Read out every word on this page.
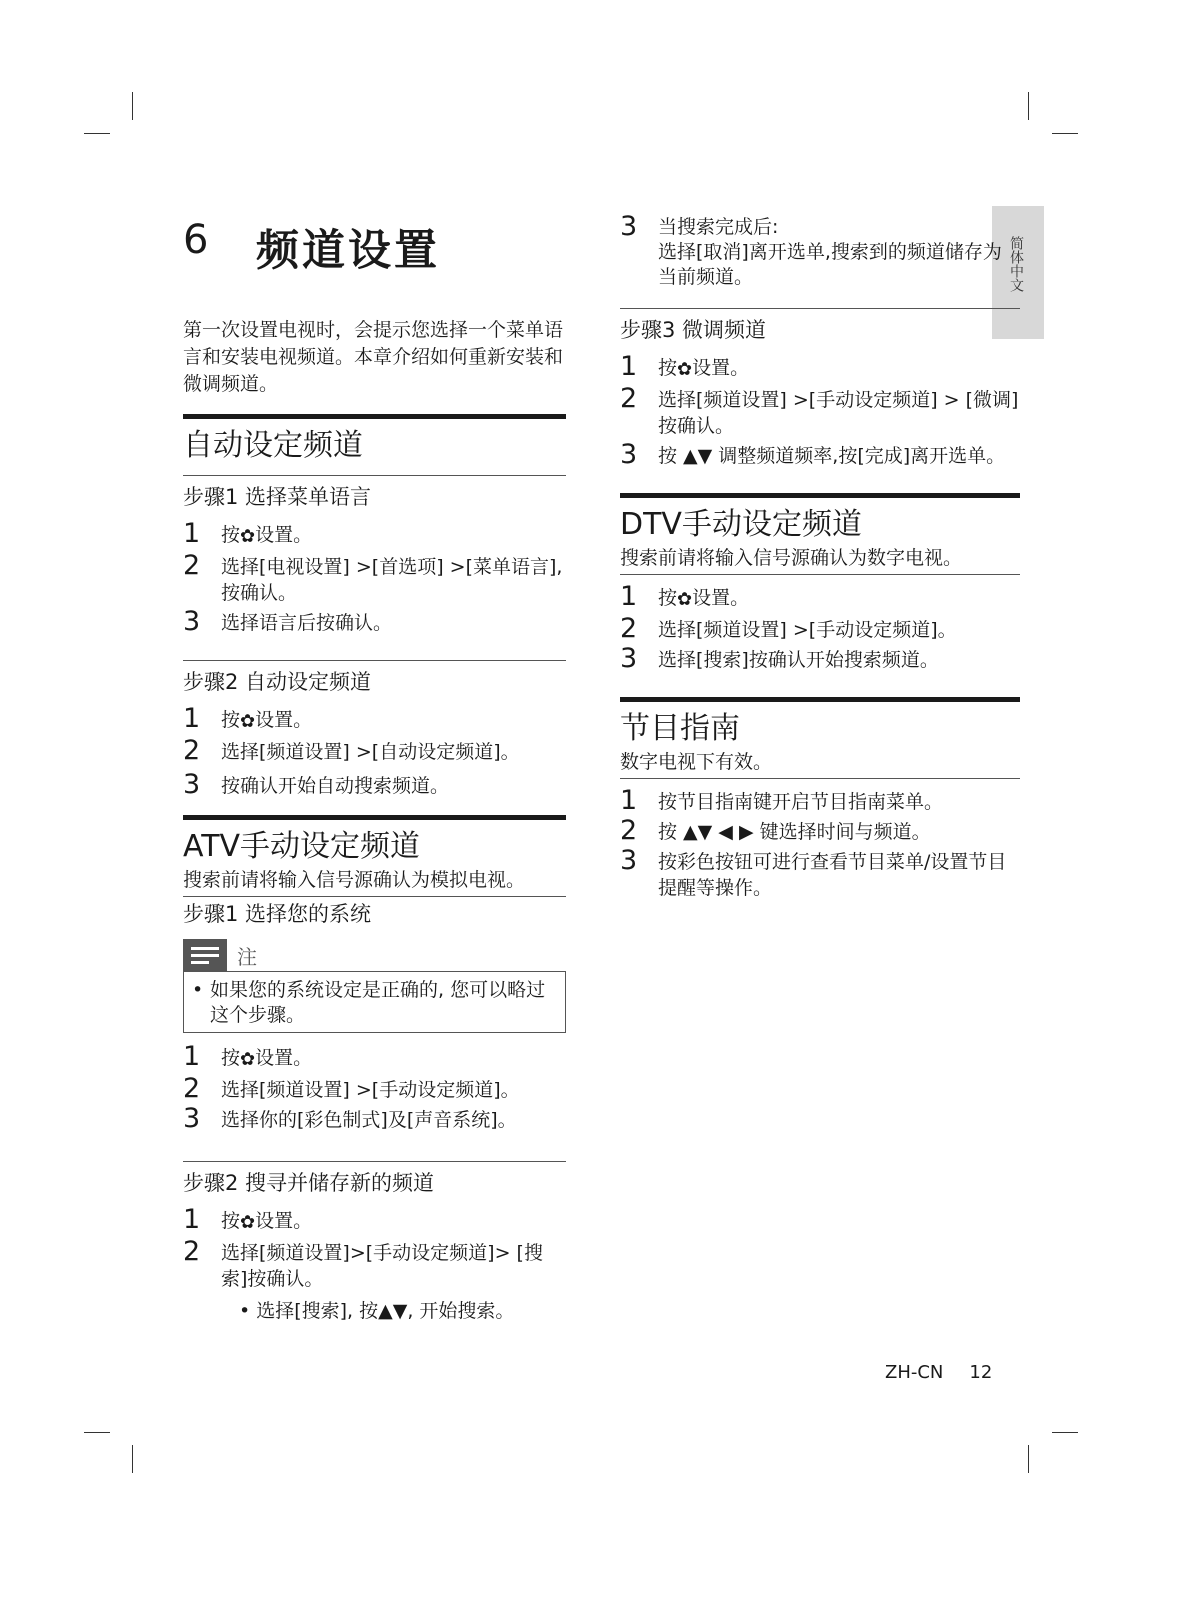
简体中文
6 频道设置
第一次设置电视时，会提示您选择一个菜单语言和安装电视频道。本章介绍如何重新安装和微调频道。
自动设定频道
步骤1 选择菜单语言
1 按✿设置。
2 选择[电视设置] >[首选项] >[菜单语言], 按确认。
3 选择语言后按确认。
步骤2 自动设定频道
1 按✿设置。
2 选择[频道设置] >[自动设定频道]。
3 按确认开始自动搜索频道。
ATV手动设定频道
搜索前请将输入信号源确认为模拟电视。
步骤1 选择您的系统
注
• 如果您的系统设定是正确的, 您可以略过这个步骤。
1 按✿设置。
2 选择[频道设置] >[手动设定频道]。
3 选择你的[彩色制式]及[声音系统]。
步骤2 搜寻并储存新的频道
1 按✿设置。
2 选择[频道设置]>[手动设定频道]> [搜索]按确认。
• 选择[搜索], 按▲▼, 开始搜索。
3 当搜索完成后:
选择[取消]离开选单,搜索到的频道储存为当前频道。
步骤3 微调频道
1 按✿设置。
2 选择[频道设置] >[手动设定频道] > [微调]按确认。
3 按 ▲▼ 调整频道频率,按[完成]离开选单。
DTV手动设定频道
搜索前请将输入信号源确认为数字电视。
1 按✿设置。
2 选择[频道设置] >[手动设定频道]。
3 选择[搜索]按确认开始搜索频道。
节目指南
数字电视下有效。
1 按节目指南键开启节目指南菜单。
2 按 ▲▼ ◀ ▶ 键选择时间与频道。
3 按彩色按钮可进行查看节目菜单/设置节目提醒等操作。
ZH-CN 12
